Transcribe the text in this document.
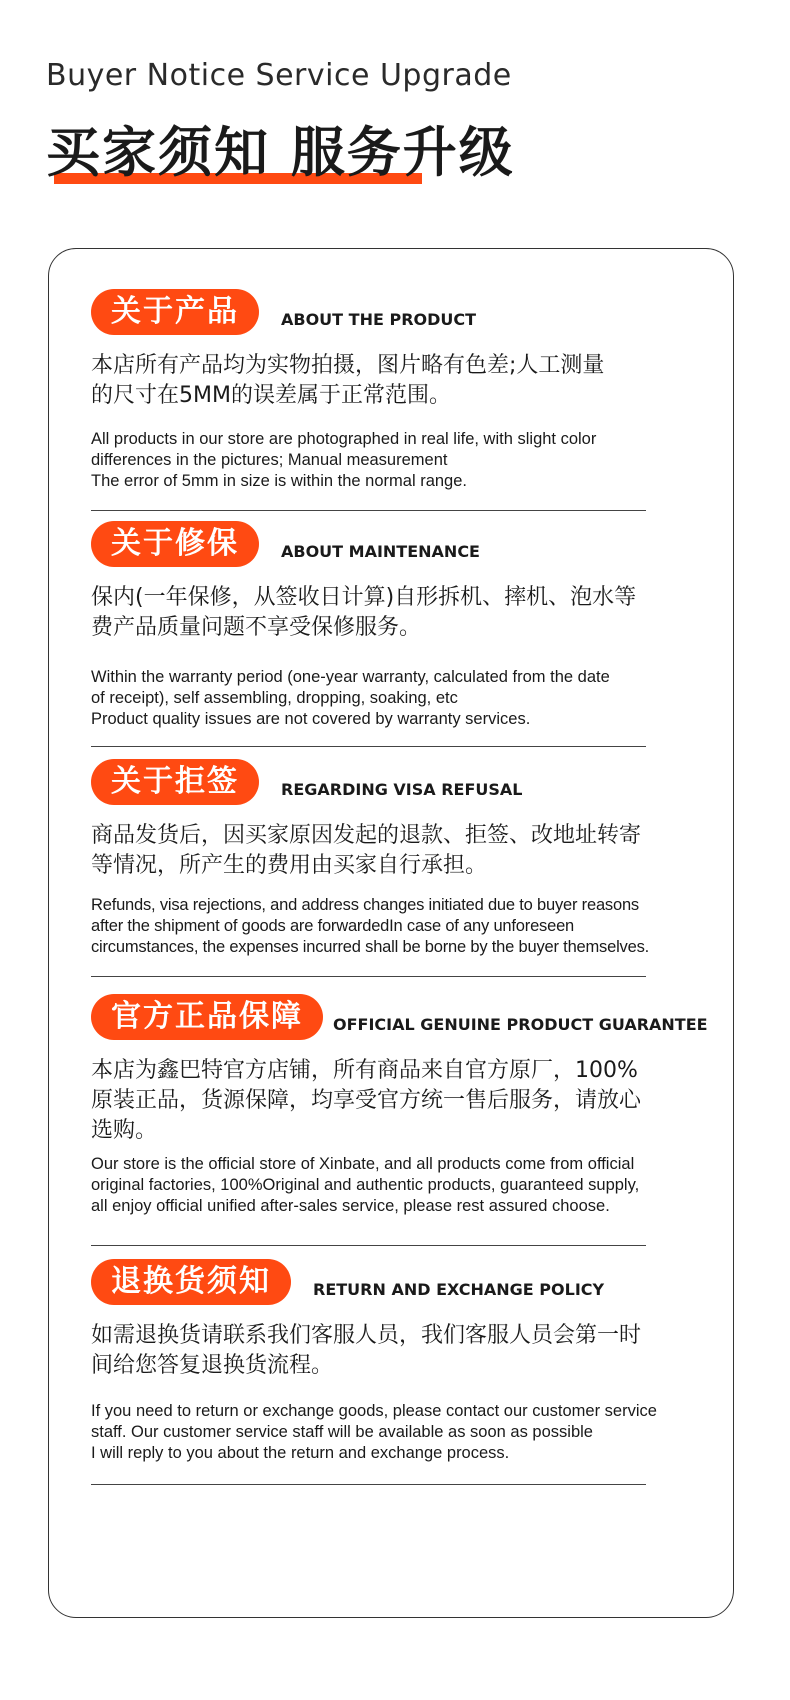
Buyer Notice Service Upgrade

买家须知 服务升级

关于产品	ABOUT THE PRODUCT
本店所有产品均为实物拍摄，图片略有色差;人工测量的尺寸在5MM的误差属于正常范围。
All products in our store are photographed in real life, with slight color
differences in the pictures; Manual measurement
The error of 5mm in size is within the normal range.
关于修保	ABOUT MAINTENANCE
保内(一年保修，从签收日计算)自形拆机、摔机、泡水等费产品质量问题不享受保修服务。
Within the warranty period (one-year warranty, calculated from the date
of receipt), self assembling, dropping, soaking, etc
Product quality issues are not covered by warranty services.
关于拒签	REGARDING VISA REFUSAL
商品发货后，因买家原因发起的退款、拒签、改地址转寄等情况，所产生的费用由买家自行承担。
Refunds, visa rejections, and address changes initiated due to buyer reasons
after the shipment of goods are forwardedIn case of any unforeseen
circumstances, the expenses incurred shall be borne by the buyer themselves.
官方正品保障	OFFICIAL GENUINE PRODUCT GUARANTEE
本店为鑫巴特官方店铺，所有商品来自官方原厂，100%原装正品，货源保障，均享受官方统一售后服务，请放心选购。
Our store is the official store of Xinbate, and all products come from official
original factories, 100%Original and authentic products, guaranteed supply,
all enjoy official unified after-sales service, please rest assured choose.
退换货须知	RETURN AND EXCHANGE POLICY
如需退换货请联系我们客服人员，我们客服人员会第一时间给您答复退换货流程。
If you need to return or exchange goods, please contact our customer service
staff. Our customer service staff will be available as soon as possible
I will reply to you about the return and exchange process.
